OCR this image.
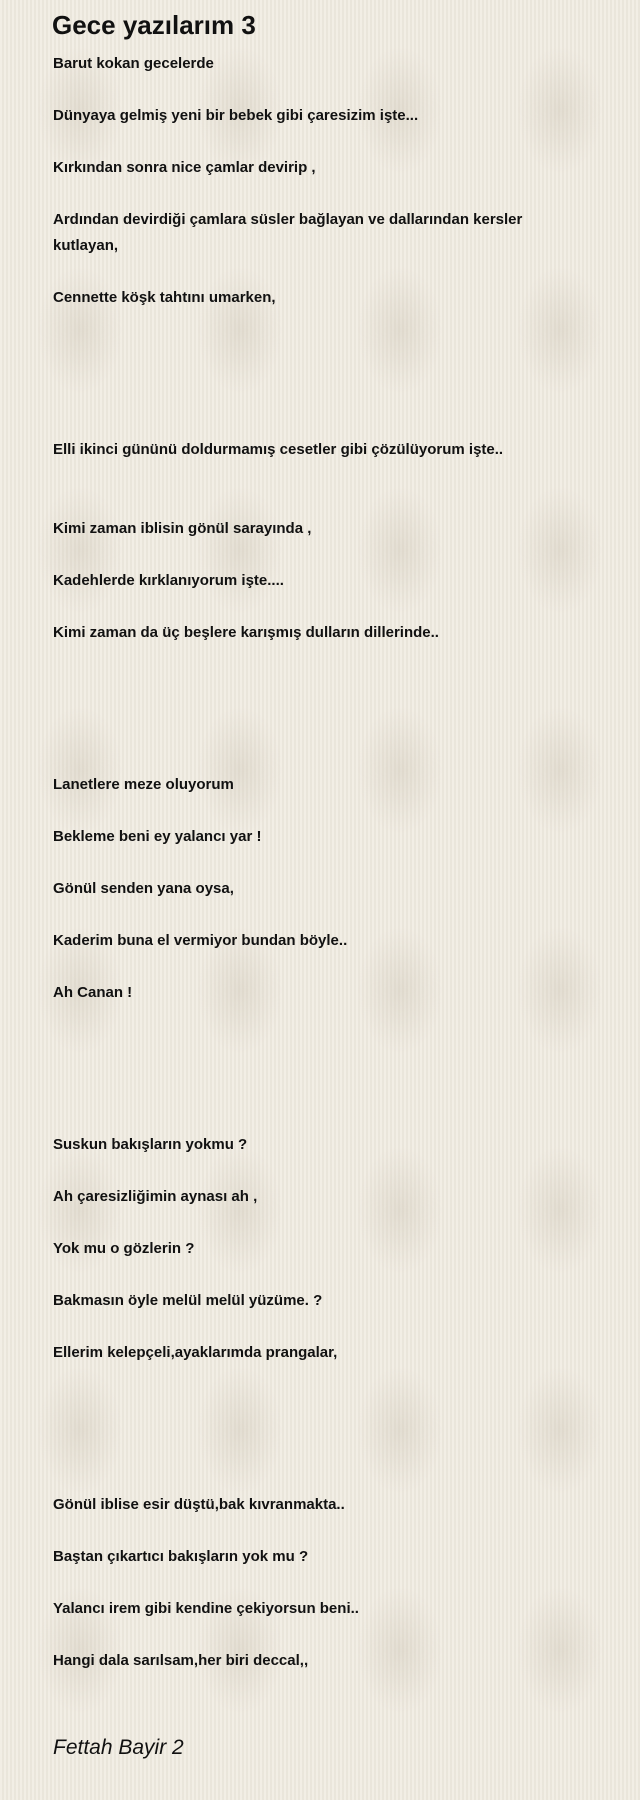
Gece yazılarım 3
Barut kokan gecelerde
Dünyaya gelmiş yeni bir bebek gibi çaresizim işte...
Kırkından sonra nice çamlar devirip ,
Ardından devirdiği çamlara süsler bağlayan ve dallarından kersler kutlayan,
Cennette köşk tahtını umarken,
Elli ikinci gününü doldurmamış cesetler gibi çözülüyorum işte..
Kimi zaman iblisin gönül sarayında ,
Kadehlerde kırklanıyorum işte....
Kimi zaman da üç beşlere karışmış dulların dillerinde..
Lanetlere meze oluyorum
Bekleme beni ey yalancı yar !
Gönül senden yana oysa,
Kaderim buna el vermiyor bundan böyle..
Ah Canan !
Suskun bakışların yokmu ?
Ah çaresizliğimin aynası ah ,
Yok mu o gözlerin ?
Bakmasın öyle melül melül yüzüme. ?
Ellerim kelepçeli,ayaklarımda prangalar,
Gönül iblise esir düştü,bak kıvranmakta..
Baştan çıkartıcı bakışların yok mu ?
Yalancı irem gibi kendine çekiyorsun beni..
Hangi dala sarılsam,her biri deccal,,
Fettah Bayir 2
